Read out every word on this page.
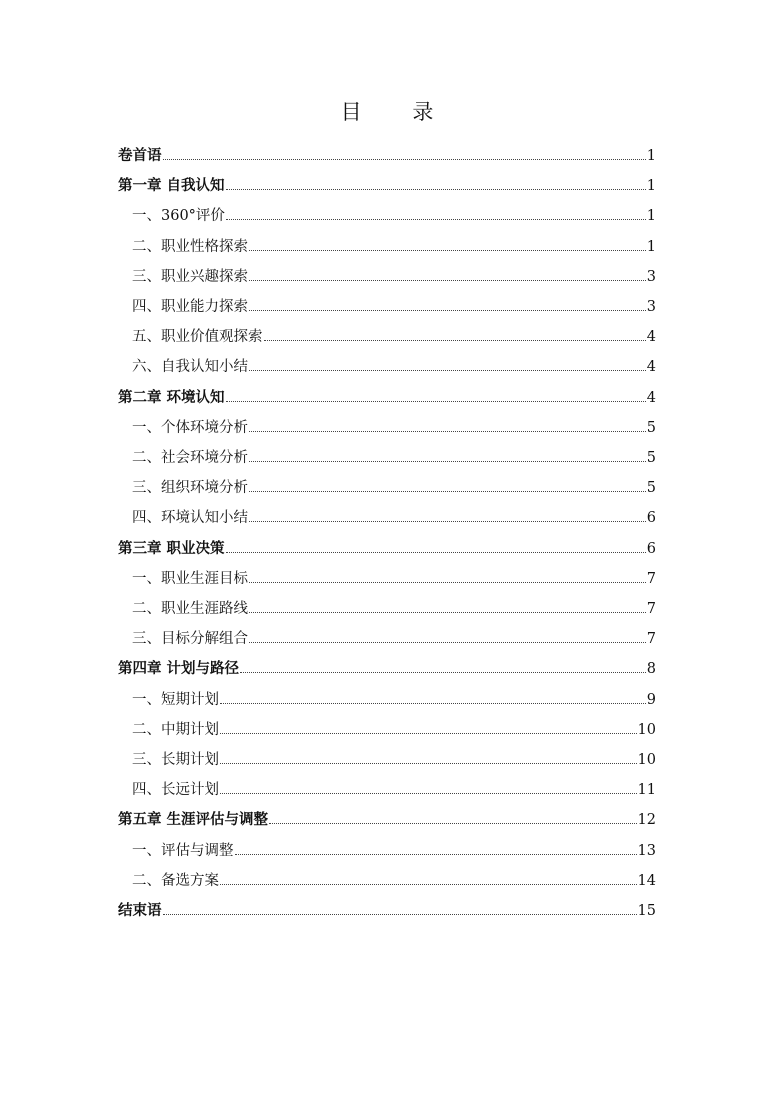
目 录
卷首语	1
第一章 自我认知	1
一、360°评价	1
二、职业性格探索	1
三、职业兴趣探索	3
四、职业能力探索	3
五、职业价值观探索	4
六、自我认知小结	4
第二章 环境认知	4
一、个体环境分析	5
二、社会环境分析	5
三、组织环境分析	5
四、环境认知小结	6
第三章 职业决策	6
一、职业生涯目标	7
二、职业生涯路线	7
三、目标分解组合	7
第四章 计划与路径	8
一、短期计划	9
二、中期计划	10
三、长期计划	10
四、长远计划	11
第五章 生涯评估与调整	12
一、评估与调整	13
二、备选方案	14
结束语	15
